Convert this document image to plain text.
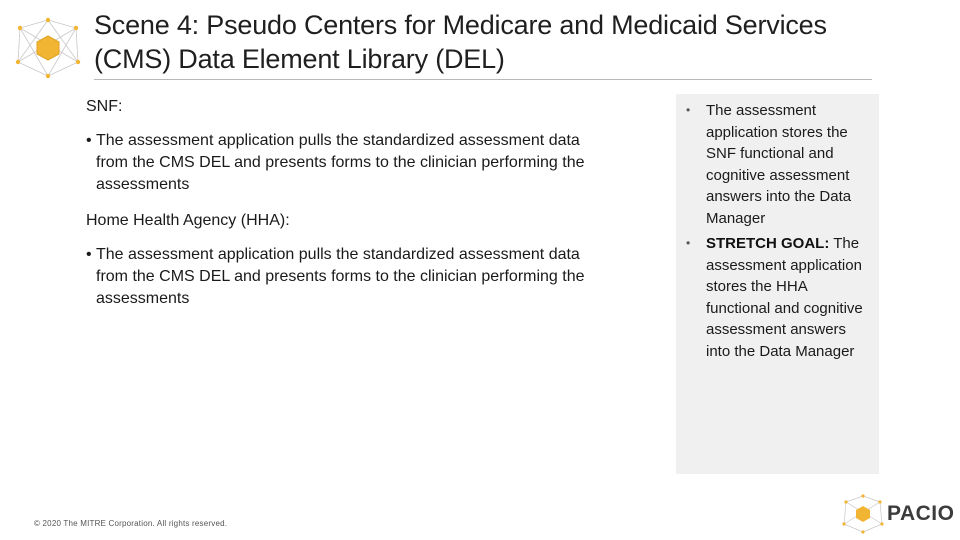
Scene 4: Pseudo Centers for Medicare and Medicaid Services
(CMS) Data Element Library (DEL)
SNF:
• The assessment application pulls the standardized assessment data from the CMS DEL and presents forms to the clinician performing the assessments
Home Health Agency (HHA):
• The assessment application pulls the standardized assessment data from the CMS DEL and presents forms to the clinician performing the assessments
•	The assessment application stores the SNF functional and cognitive assessment answers into the Data Manager
•	STRETCH GOAL: The assessment application stores the HHA functional and cognitive assessment answers into the Data Manager
© 2020 The MITRE Corporation. All rights reserved.	PACIO
